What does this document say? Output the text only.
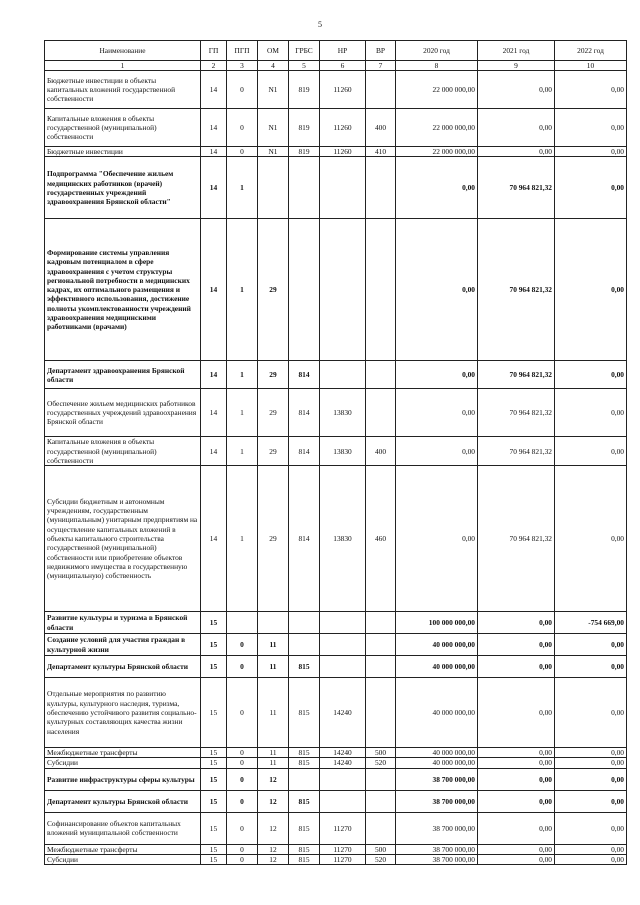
5
Наименование	ГП	ПГП	ОМ	ГРБС	НР	ВР	2020 год	2021 год	2022 год
1	2	3	4	5	6	7	8	9	10
Бюджетные инвестиции в объекты капитальных вложений государственной собственности	14	0	N1	819	11260		22 000 000,00	0,00	0,00
Капитальные вложения в объекты государственной (муниципальной) собственности	14	0	N1	819	11260	400	22 000 000,00	0,00	0,00
Бюджетные инвестиции	14	0	N1	819	11260	410	22 000 000,00	0,00	0,00
Подпрограмма "Обеспечение жильем медицинских работников (врачей) государственных учреждений здравоохранения Брянской области"	14	1					0,00	70 964 821,32	0,00
Формирование системы управления кадровым потенциалом в сфере здравоохранения с учетом структуры региональной потребности в медицинских кадрах, их оптимального размещения и эффективного использования, достижение полноты укомплектованности учреждений здравоохранения медицинскими работниками (врачами)	14	1	29				0,00	70 964 821,32	0,00
Департамент здравоохранения Брянской области	14	1	29	814			0,00	70 964 821,32	0,00
Обеспечение жильем медицинских работников государственных учреждений здравоохранения Брянской области	14	1	29	814	13830		0,00	70 964 821,32	0,00
Капитальные вложения в объекты государственной (муниципальной) собственности	14	1	29	814	13830	400	0,00	70 964 821,32	0,00
Субсидии бюджетным и автономным учреждениям, государственным (муниципальным) унитарным предприятиям на осуществление капитальных вложений в объекты капитального строительства государственной (муниципальной) собственности или приобретение объектов недвижимого имущества в государственную (муниципальную) собственность	14	1	29	814	13830	460	0,00	70 964 821,32	0,00
Развитие культуры и туризма в Брянской области	15						100 000 000,00	0,00	-754 669,00
Создание условий для участия граждан в культурной жизни	15	0	11				40 000 000,00	0,00	0,00
Департамент культуры Брянской области	15	0	11	815			40 000 000,00	0,00	0,00
Отдельные мероприятия по развитию культуры, культурного наследия, туризма, обеспечению устойчивого развития социально-культурных составляющих качества жизни населения	15	0	11	815	14240		40 000 000,00	0,00	0,00
Межбюджетные трансферты	15	0	11	815	14240	500	40 000 000,00	0,00	0,00
Субсидии	15	0	11	815	14240	520	40 000 000,00	0,00	0,00
Развитие инфраструктуры сферы культуры	15	0	12				38 700 000,00	0,00	0,00
Департамент культуры Брянской области	15	0	12	815			38 700 000,00	0,00	0,00
Софинансирование объектов капитальных вложений муниципальной собственности	15	0	12	815	11270		38 700 000,00	0,00	0,00
Межбюджетные трансферты	15	0	12	815	11270	500	38 700 000,00	0,00	0,00
Субсидии	15	0	12	815	11270	520	38 700 000,00	0,00	0,00
